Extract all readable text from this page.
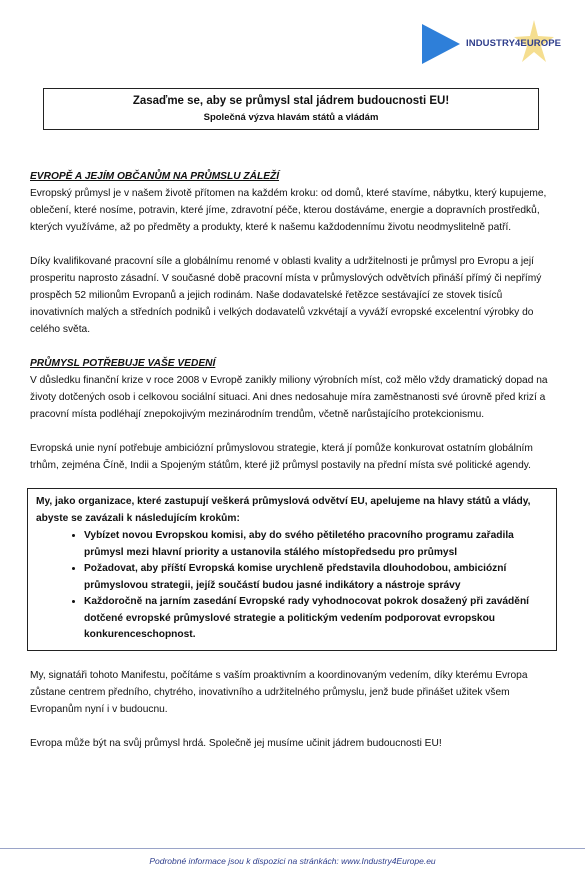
INDUSTRY4EUROPE
Zasaďme se, aby se průmysl stal jádrem budoucnosti EU!
Společná výzva hlavám států a vládám
EVROPĚ A JEJÍM OBČANŮM NA PRŮMSLU ZÁLEŽÍ

Evropský průmysl je v našem životě přítomen na každém kroku: od domů, které stavíme, nábytku, který kupujeme, oblečení, které nosíme, potravin, které jíme, zdravotní péče, kterou dostáváme, energie a dopravních prostředků, kterých využíváme, až po předměty a produkty, které k našemu každodennímu životu neodmyslitelně patří.

Díky kvalifikované pracovní síle a globálnímu renomé v oblasti kvality a udržitelnosti je průmysl pro Evropu a její prosperitu naprosto zásadní. V současné době pracovní místa v průmyslových odvětvích přináší přímý či nepřímý prospěch 52 milionům Evropanů a jejich rodinám. Naše dodavatelské řetězce sestávající ze stovek tisíců inovativních malých a středních podniků i velkých dodavatelů vzkvétají a vyváží evropské excelentní výrobky do celého světa.

PRŮMYSL POTŘEBUJE VAŠE VEDENÍ

V důsledku finanční krize v roce 2008 v Evropě zanikly miliony výrobních míst, což mělo vždy dramatický dopad na životy dotčených osob i celkovou sociální situaci. Ani dnes nedosahuje míra zaměstnanosti své úrovně před krizí a pracovní místa podléhají znepokojivým mezinárodním trendům, včetně narůstajícího protekcionismu.

Evropská unie nyní potřebuje ambiciózní průmyslovou strategie, která jí pomůže konkurovat ostatním globálním trhům, zejména Číně, Indii a Spojeným státům, které již průmysl postavily na přední místa své politické agendy.

My, jako organizace, které zastupují veškerá průmyslová odvětví EU, apelujeme na hlavy států a vlády, abyste se zavázali k následujícím krokům:

• Vybízet novou Evropskou komisi, aby do svého pětiletého pracovního programu zařadila průmysl mezi hlavní priority a ustanovila stálého místopředsedu pro průmysl
• Požadovat, aby příští Evropská komise urychleně představila dlouhodobou, ambiciózní průmyslovou strategii, jejíž součástí budou jasné indikátory a nástroje správy
• Každoročně na jarním zasedání Evropské rady vyhodnocovat pokrok dosažený při zavádění dotčené evropské průmyslové strategie a politickým vedením podporovat evropskou konkurenceschopnost.

My, signatáři tohoto Manifestu, počítáme s vaším proaktivním a koordinovaným vedením, díky kterému Evropa zůstane centrem předního, chytrého, inovativního a udržitelného průmyslu, jenž bude přinášet užitek všem Evropanům nyní i v budoucnu.

Evropa může být na svůj průmysl hrdá. Společně jej musíme učinit jádrem budoucnosti EU!

Podrobné informace jsou k dispozici na stránkách: www.Industry4Europe.eu
